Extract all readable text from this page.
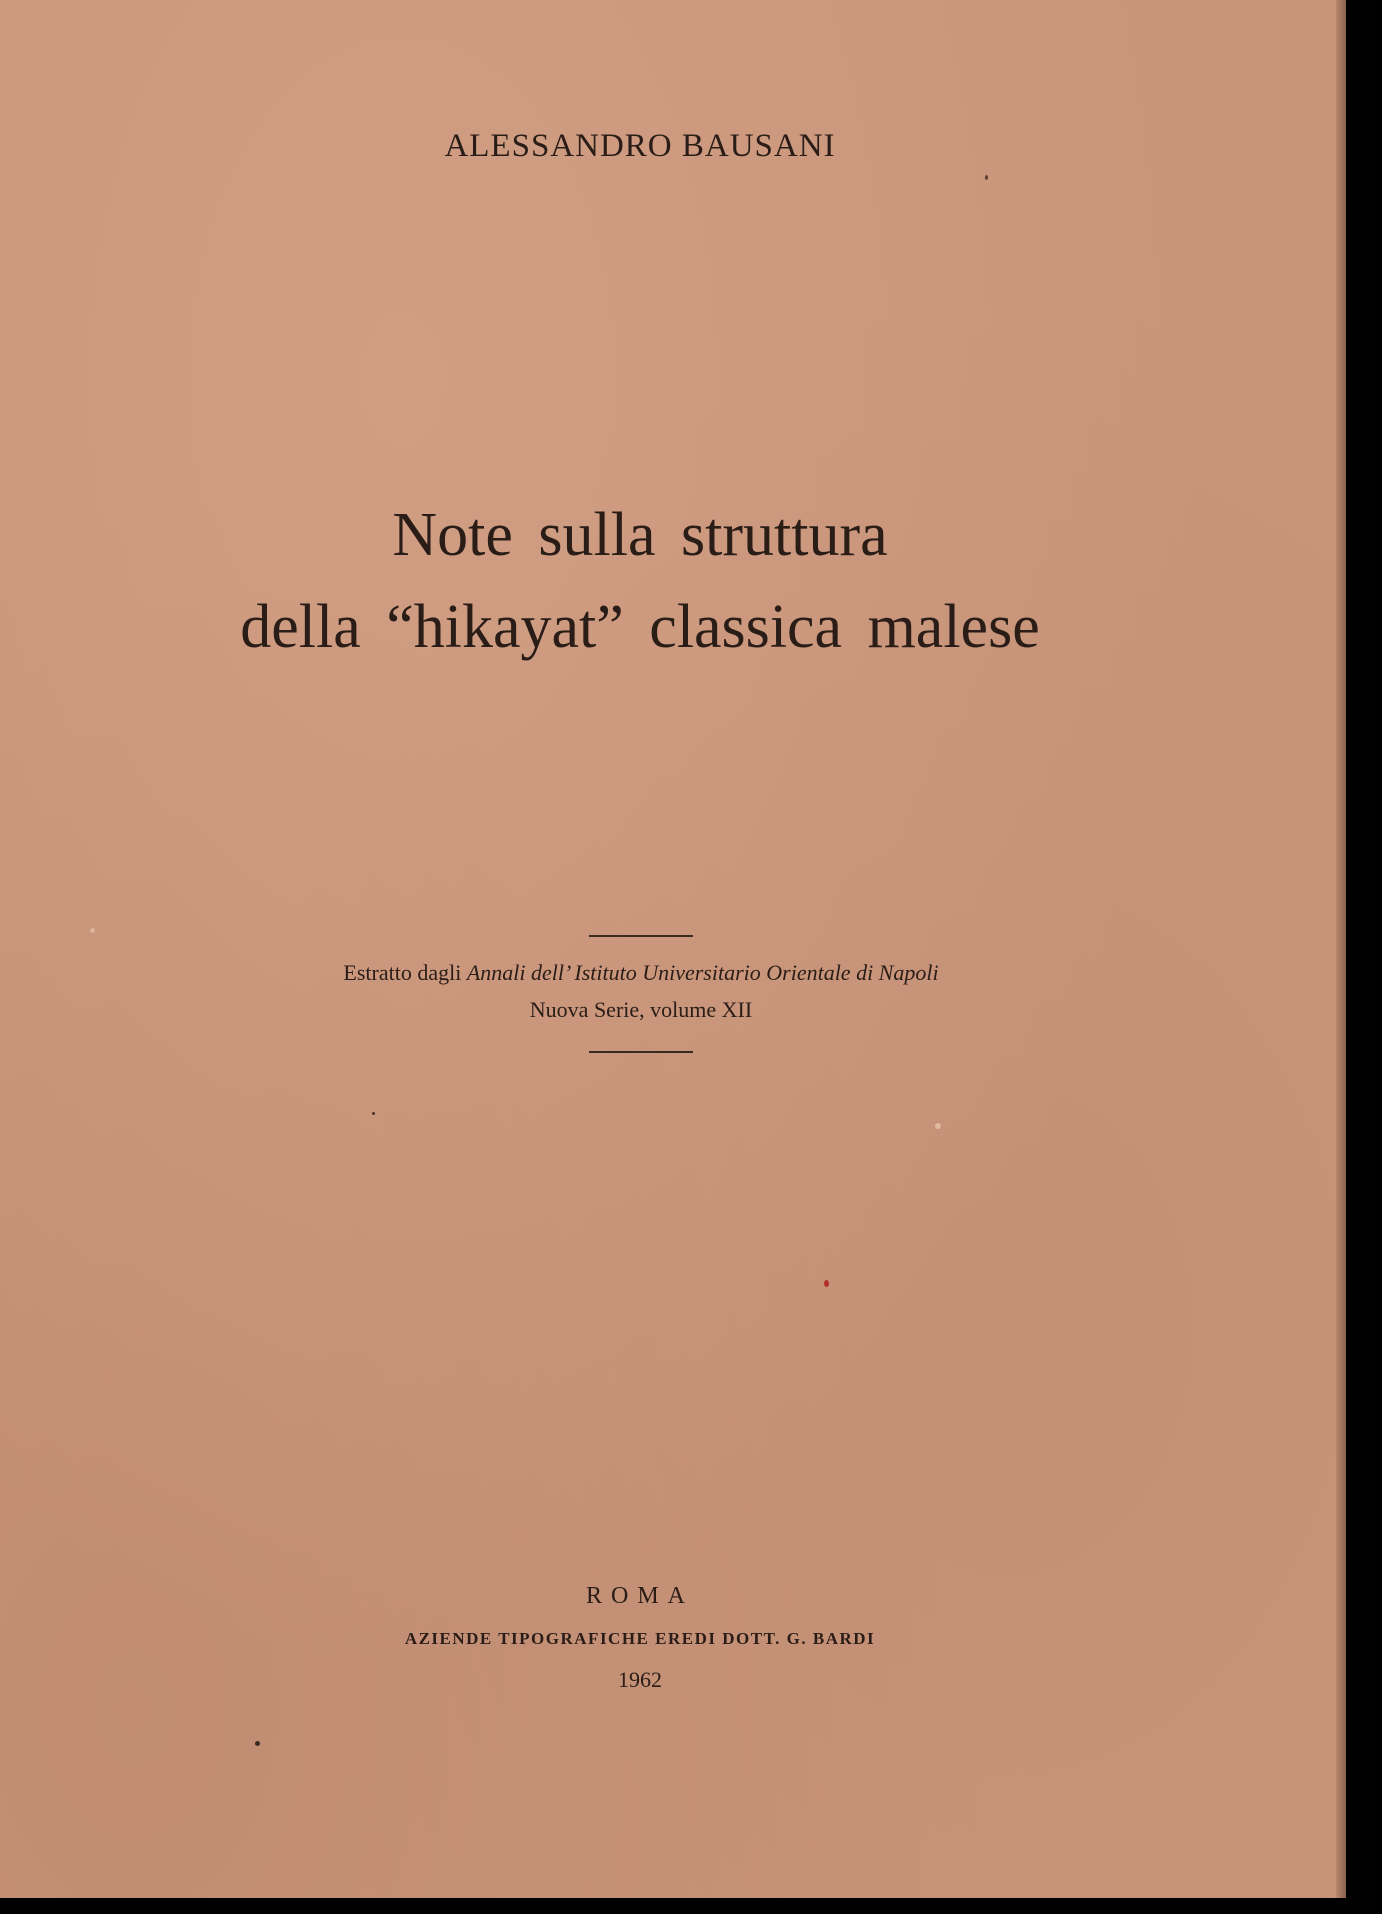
ALESSANDRO BAUSANI
Note sulla struttura
della “hikayat” classica malese
Estratto dagli Annali dell’ Istituto Universitario Orientale di Napoli
Nuova Serie, volume XII
ROMA
AZIENDE TIPOGRAFICHE EREDI DOTT. G. BARDI
1962
